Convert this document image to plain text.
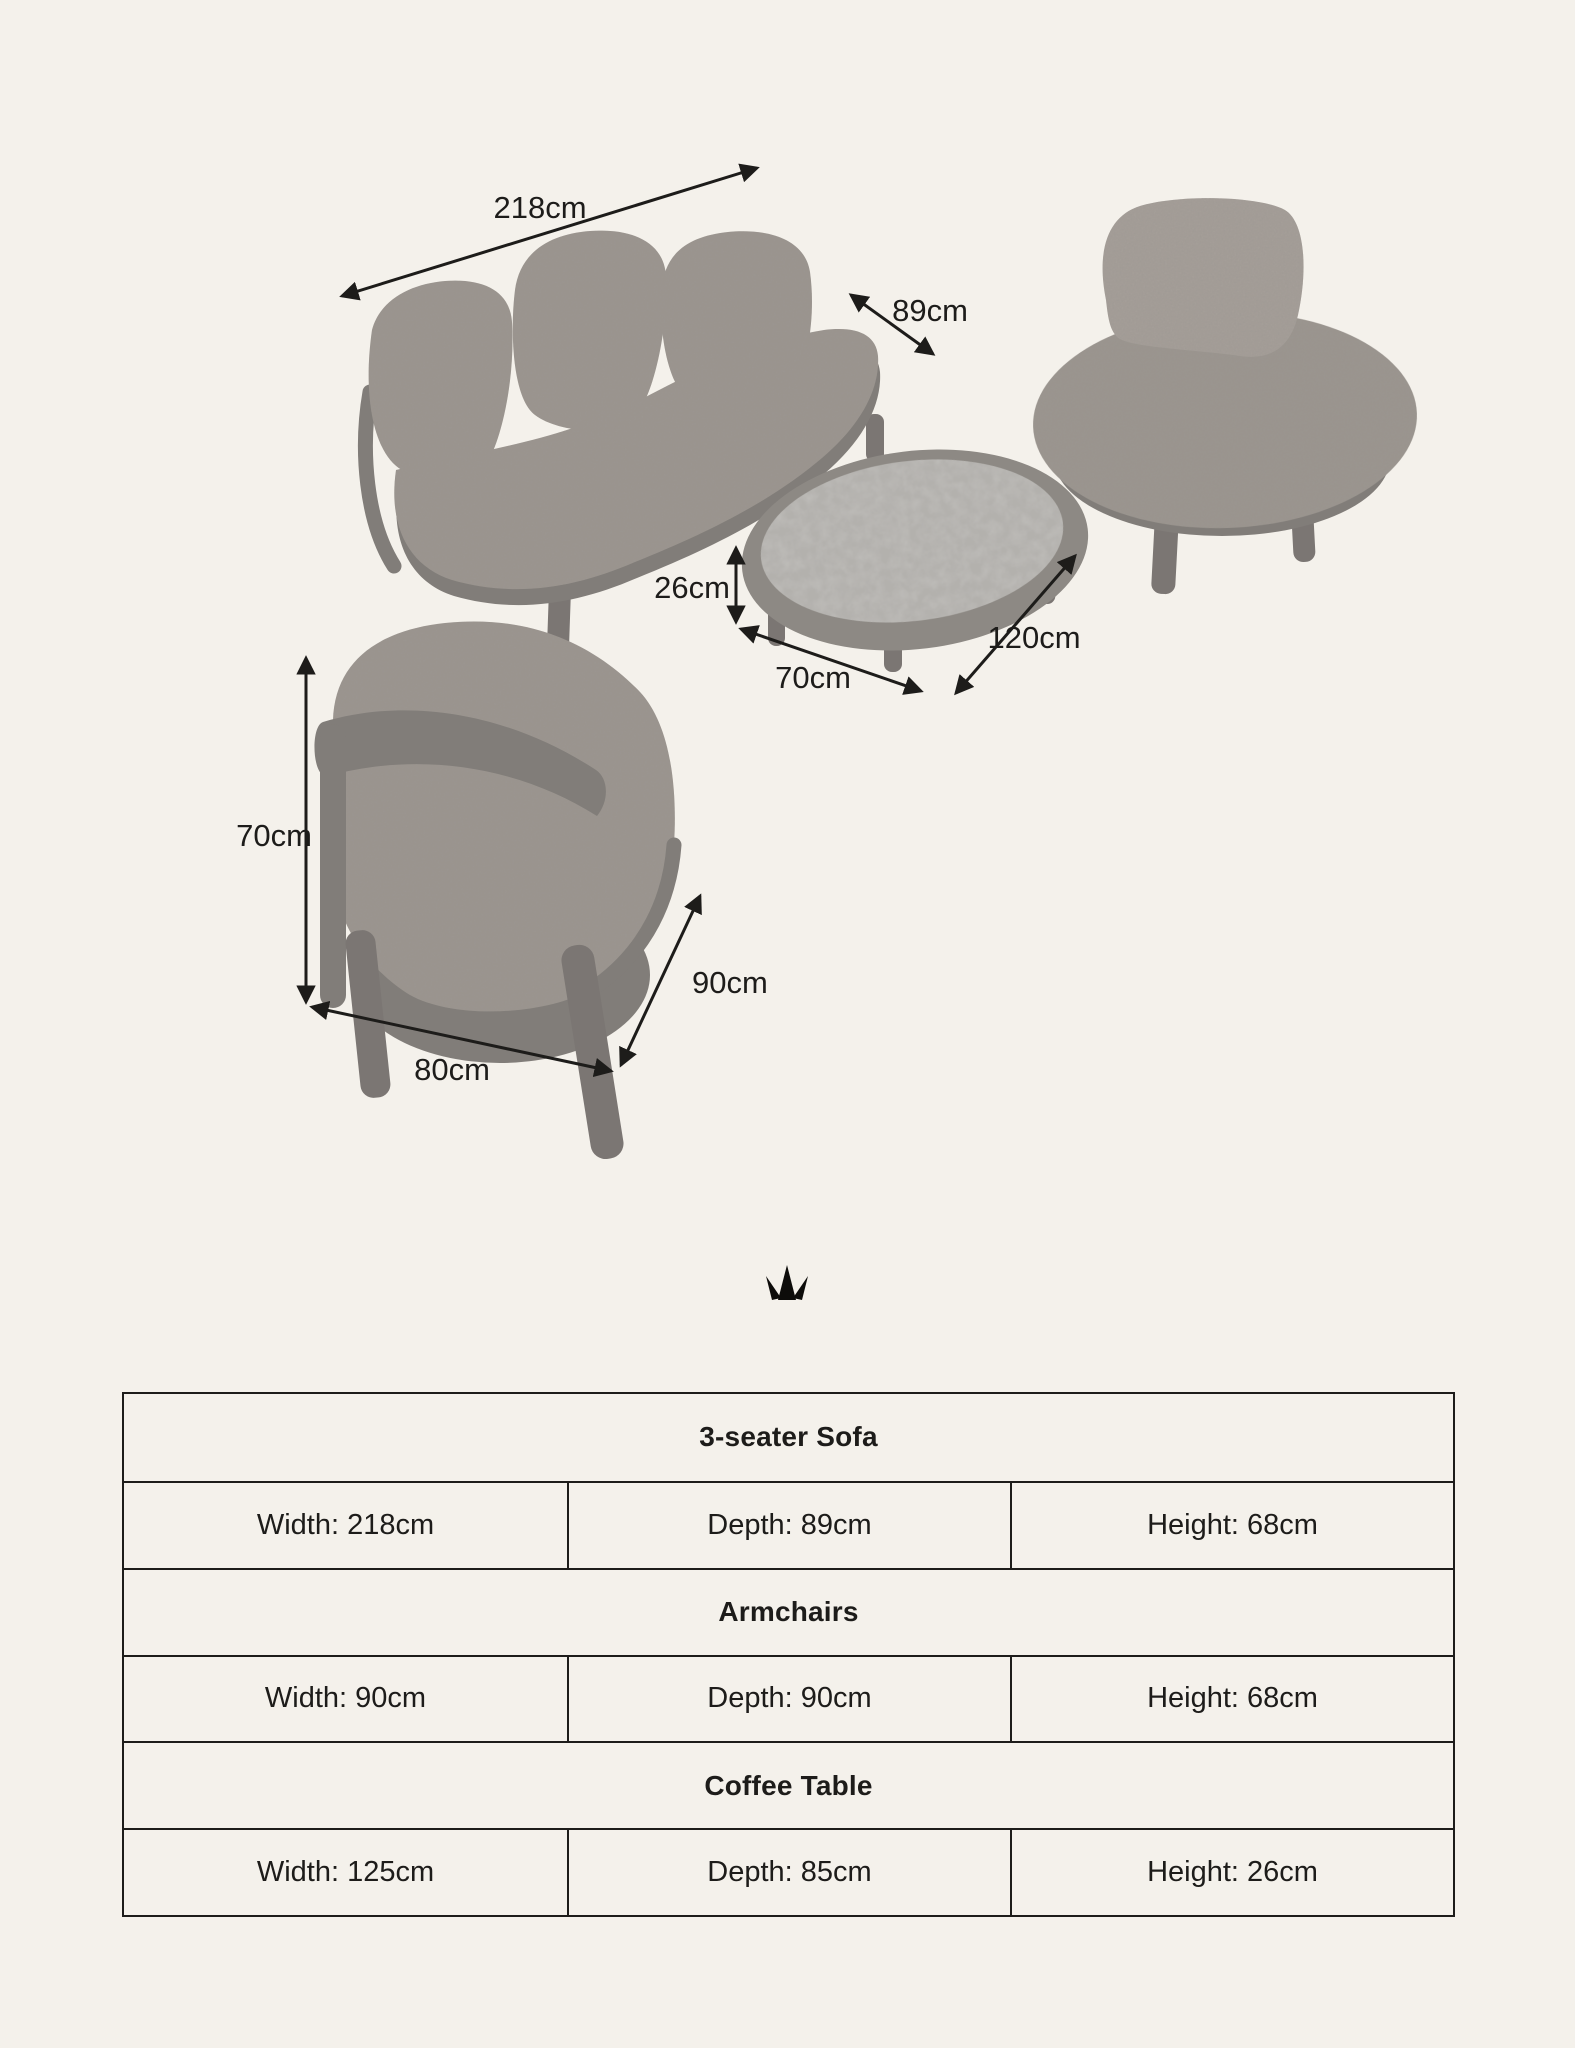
218cm
89cm
26cm
70cm
120cm
70cm
80cm
90cm
3-seater Sofa
Width: 218cm	Depth: 89cm	Height: 68cm
Armchairs
Width: 90cm	Depth: 90cm	Height: 68cm
Coffee Table
Width: 125cm	Depth: 85cm	Height: 26cm
